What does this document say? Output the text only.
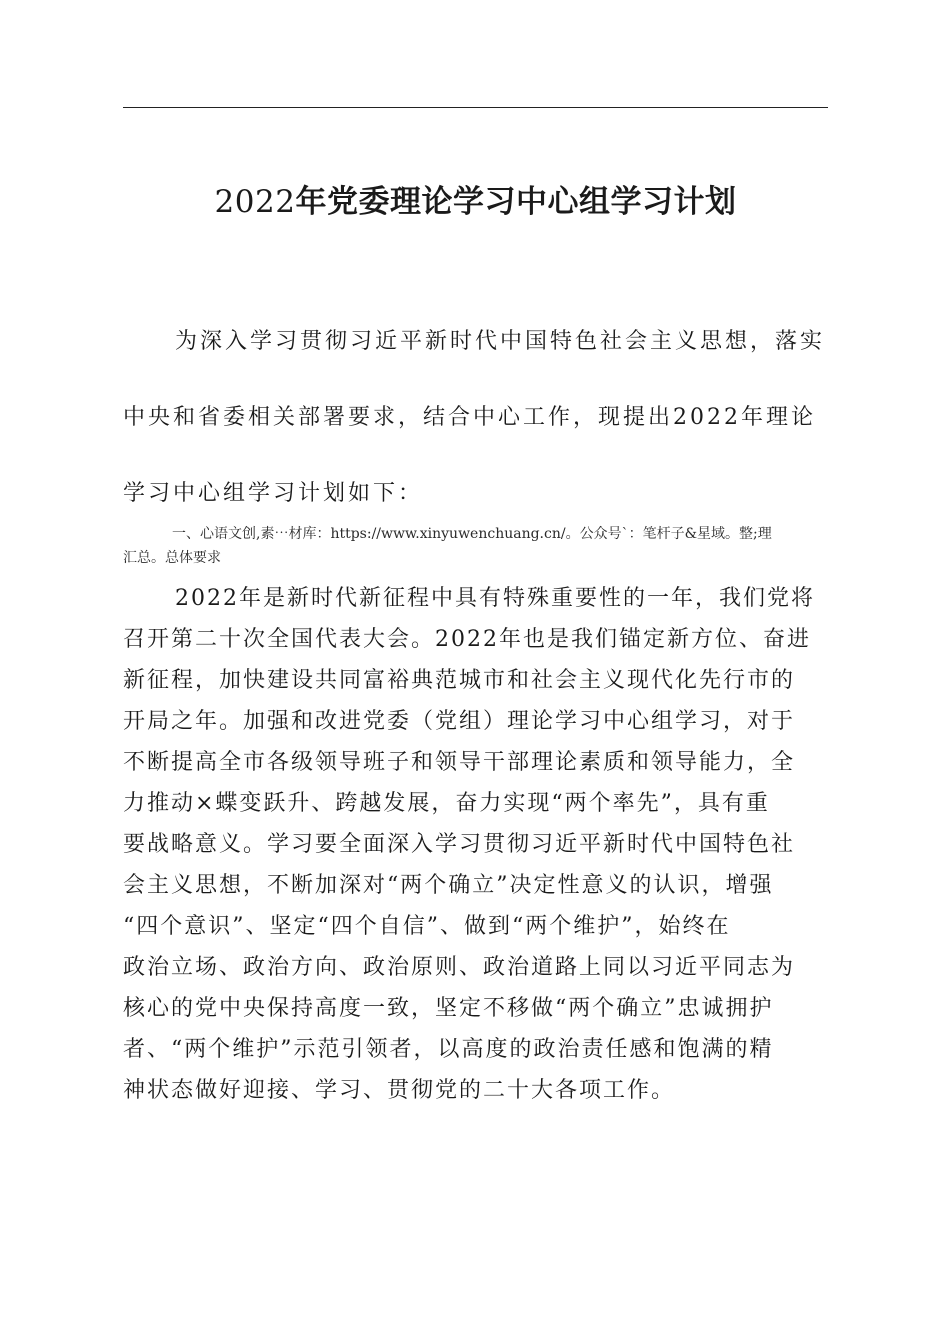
2022年党委理论学习中心组学习计划
为深入学习贯彻习近平新时代中国特色社会主义思想，落实
中央和省委相关部署要求，结合中心工作，现提出2022年理论
学习中心组学习计划如下：
一、心语文创,素⋯材库：https://www.xinyuwenchuang.cn/。公众号`：笔杆子&星域。整;理
汇总。总体要求
2022年是新时代新征程中具有特殊重要性的一年，我们党将
召开第二十次全国代表大会。2022年也是我们锚定新方位、奋进
新征程，加快建设共同富裕典范城市和社会主义现代化先行市的
开局之年。加强和改进党委（党组）理论学习中心组学习，对于
不断提高全市各级领导班子和领导干部理论素质和领导能力，全
力推动×蝶变跃升、跨越发展，奋力实现“两个率先”，具有重
要战略意义。学习要全面深入学习贯彻习近平新时代中国特色社
会主义思想，不断加深对“两个确立”决定性意义的认识，增强
“四个意识”、坚定“四个自信”、做到“两个维护”，始终在
政治立场、政治方向、政治原则、政治道路上同以习近平同志为
核心的党中央保持高度一致，坚定不移做“两个确立”忠诚拥护
者、“两个维护”示范引领者，以高度的政治责任感和饱满的精
神状态做好迎接、学习、贯彻党的二十大各项工作。
